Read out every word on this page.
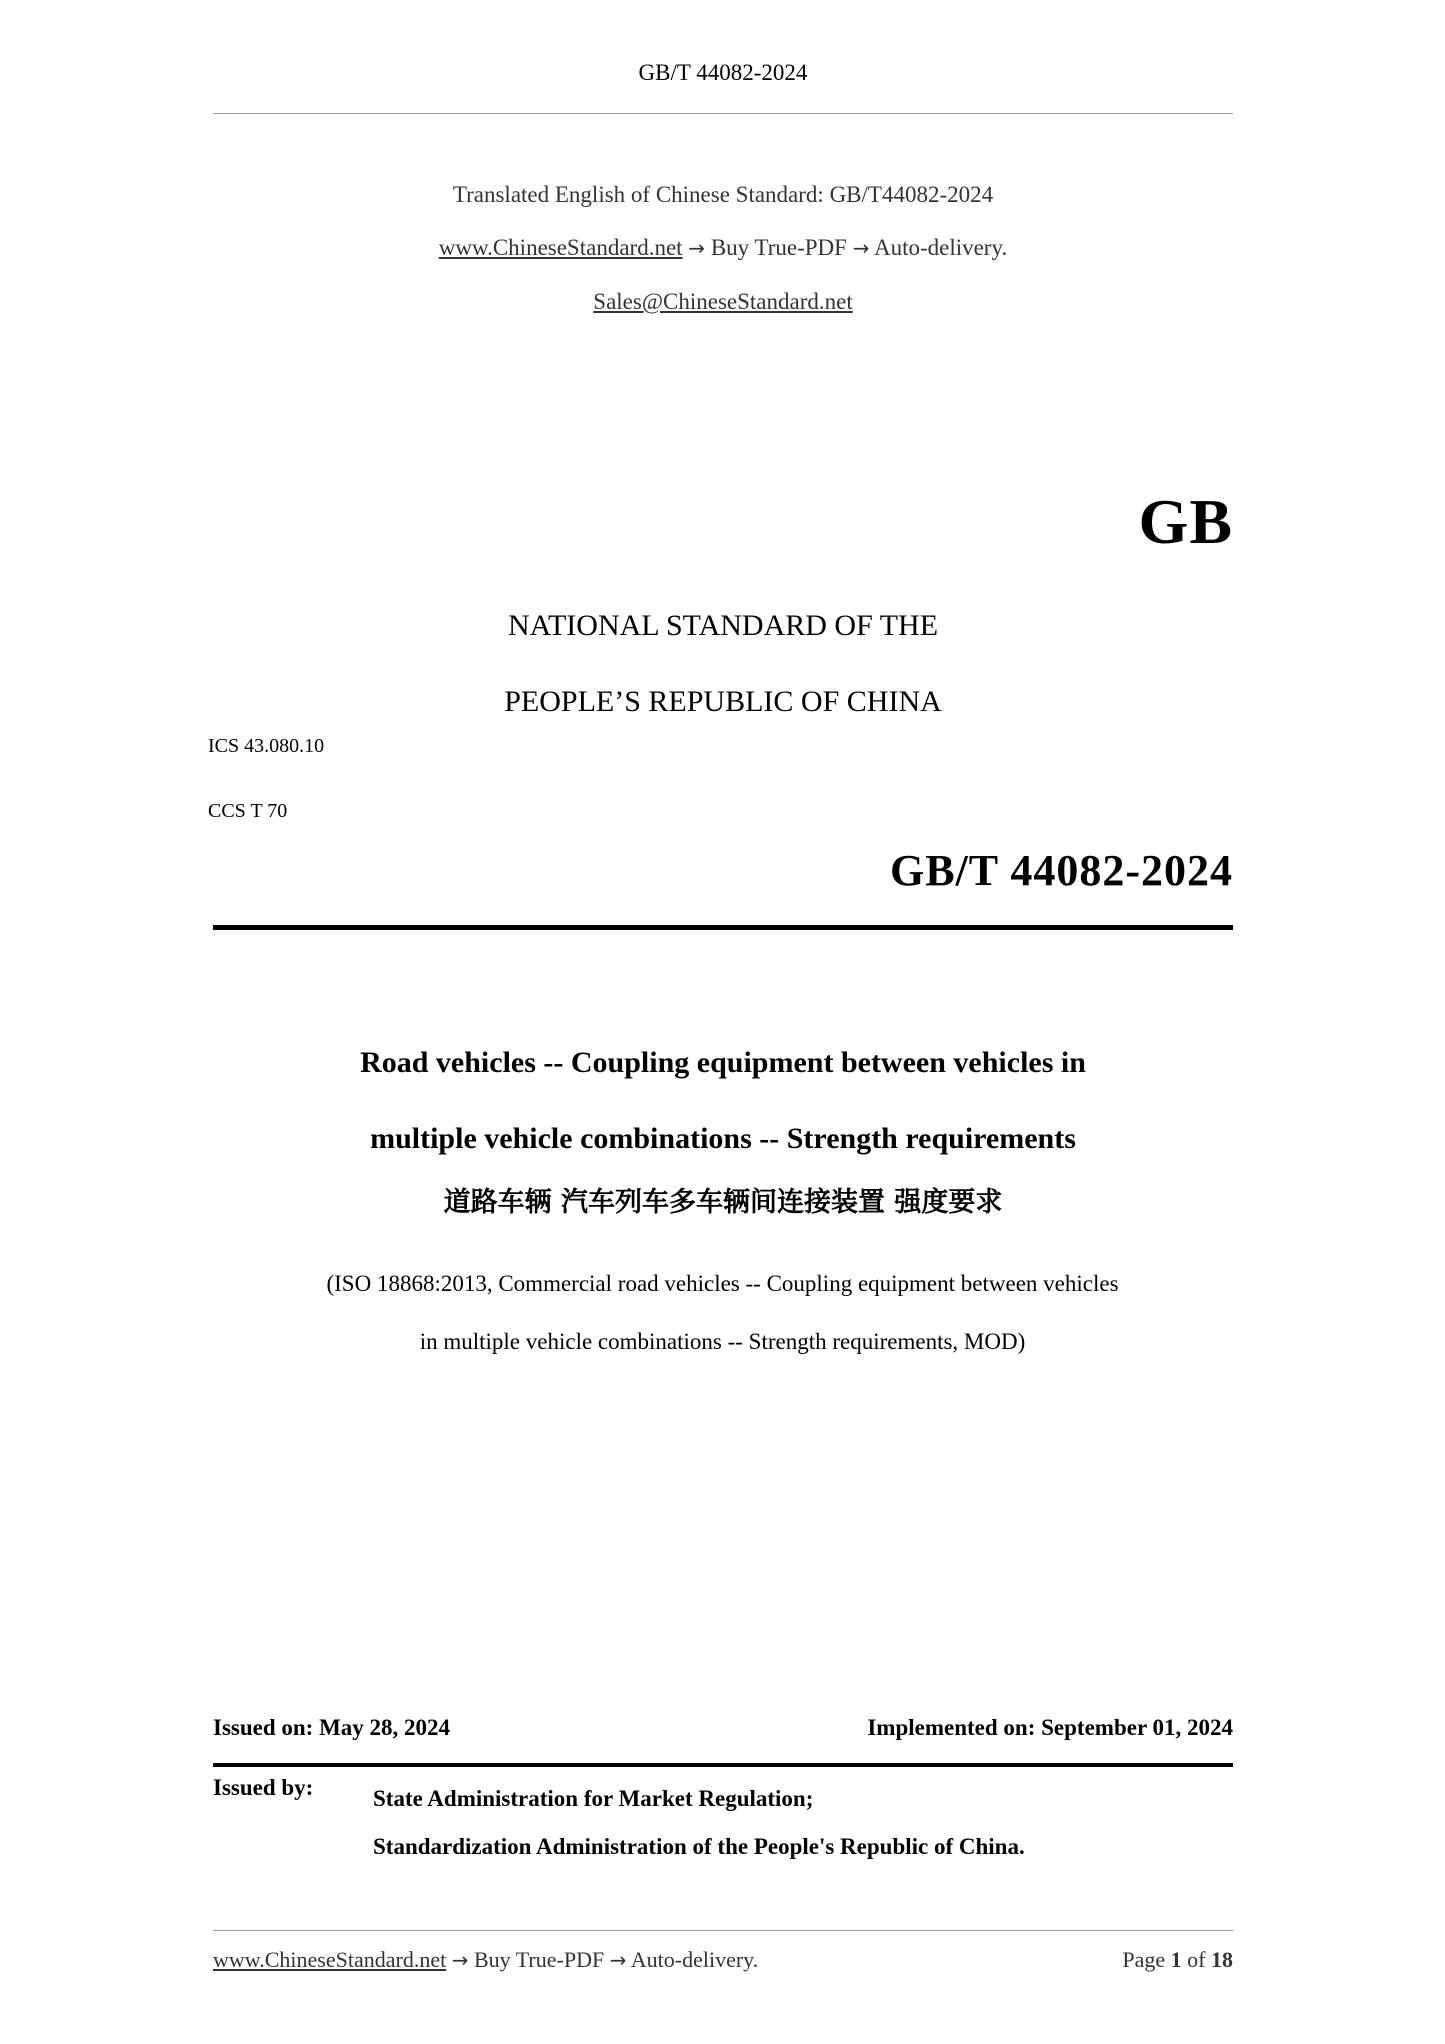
GB/T 44082-2024
Translated English of Chinese Standard: GB/T44082-2024
www.ChineseStandard.net → Buy True-PDF → Auto-delivery.
Sales@ChineseStandard.net
GB
NATIONAL STANDARD OF THE
PEOPLE’S REPUBLIC OF CHINA
ICS 43.080.10
CCS T 70
GB/T 44082-2024
Road vehicles -- Coupling equipment between vehicles in
multiple vehicle combinations -- Strength requirements
道路车辆 汽车列车多车辆间连接装置 强度要求
(ISO 18868:2013, Commercial road vehicles -- Coupling equipment between vehicles
in multiple vehicle combinations -- Strength requirements, MOD)
Issued on: May 28, 2024	Implemented on: September 01, 2024
Issued by:	State Administration for Market Regulation;
Standardization Administration of the People's Republic of China.
www.ChineseStandard.net → Buy True-PDF → Auto-delivery.	Page 1 of 18
